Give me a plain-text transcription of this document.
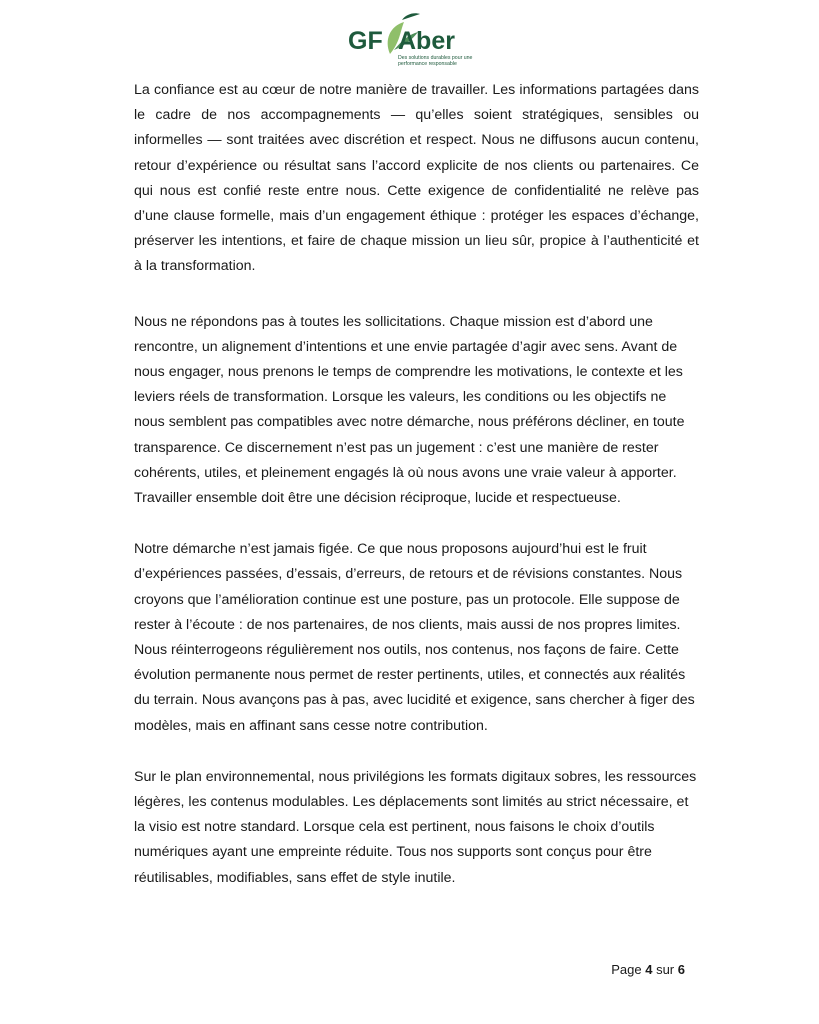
GF Aber
Des solutions durables pour une performance responsable

La confiance est au cœur de notre manière de travailler. Les informations partagées dans le cadre de nos accompagnements — qu’elles soient stratégiques, sensibles ou informelles — sont traitées avec discrétion et respect. Nous ne diffusons aucun contenu, retour d’expérience ou résultat sans l’accord explicite de nos clients ou partenaires. Ce qui nous est confié reste entre nous. Cette exigence de confidentialité ne relève pas d’une clause formelle, mais d’un engagement éthique : protéger les espaces d’échange, préserver les intentions, et faire de chaque mission un lieu sûr, propice à l’authenticité et à la transformation.

Nous ne répondons pas à toutes les sollicitations. Chaque mission est d’abord une rencontre, un alignement d’intentions et une envie partagée d’agir avec sens. Avant de nous engager, nous prenons le temps de comprendre les motivations, le contexte et les leviers réels de transformation. Lorsque les valeurs, les conditions ou les objectifs ne nous semblent pas compatibles avec notre démarche, nous préférons décliner, en toute transparence. Ce discernement n’est pas un jugement : c’est une manière de rester cohérents, utiles, et pleinement engagés là où nous avons une vraie valeur à apporter. Travailler ensemble doit être une décision réciproque, lucide et respectueuse.

Notre démarche n’est jamais figée. Ce que nous proposons aujourd’hui est le fruit d’expériences passées, d’essais, d’erreurs, de retours et de révisions constantes. Nous croyons que l’amélioration continue est une posture, pas un protocole. Elle suppose de rester à l’écoute : de nos partenaires, de nos clients, mais aussi de nos propres limites. Nous réinterrogeons régulièrement nos outils, nos contenus, nos façons de faire. Cette évolution permanente nous permet de rester pertinents, utiles, et connectés aux réalités du terrain. Nous avançons pas à pas, avec lucidité et exigence, sans chercher à figer des modèles, mais en affinant sans cesse notre contribution.

Sur le plan environnemental, nous privilégions les formats digitaux sobres, les ressources légères, les contenus modulables. Les déplacements sont limités au strict nécessaire, et la visio est notre standard. Lorsque cela est pertinent, nous faisons le choix d’outils numériques ayant une empreinte réduite. Tous nos supports sont conçus pour être réutilisables, modifiables, sans effet de style inutile.

Page 4 sur 6
